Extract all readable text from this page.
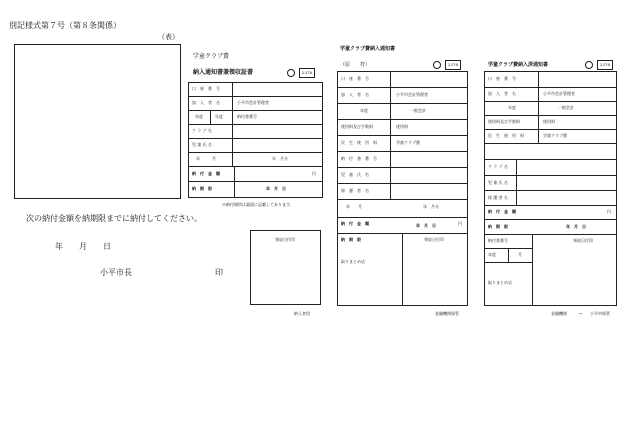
別記様式第７号（第８条関係）
（表）
学童クラブ費
納入通知書兼領収証書	2378
口　座　番　号
加　入　者　名	小平市会計管理者
年度	年度	納付書番号
ク ラ ブ 名
児 童 氏 名
年　　　月	年　月分
納　付　金　額	円
納　期　限	年　月　日
※納付場所は裏面に記載してあります。
次の納付金額を納期限までに納付してください。
年　　月　　日
小平市長	印
領収日付印
納入者用
学童クラブ費納入通知書
（原　　符）	2378
口　座　番　号
加　入　者　名	小平市会計管理者
年度	一般会計
使用料及び手数料	使用料
民　生　使　用　料	学童クラブ費
納　付　書　番　号
児　童　氏　名
保　護　者　名
年　　月	年　月分
納　付　金　額	円
納　期　限
年　月　日
領収日付印
取りまとめ店
金融機関保管
学童クラブ費納入済通知書	2378
口　座　番　号
加　入　者　名	小平市会計管理者
年度	一般会計
使用料及び手数料	使用料
民　生　使　用　料	学童クラブ費
ク ラ ブ 名
児 童 氏 名
保 護 者 名
納　付　金　額	円
納　期　限	年　月　日
納付書番号
年度	月
領収日付印
取りまとめ店
金融機関	→ 小平市保管
